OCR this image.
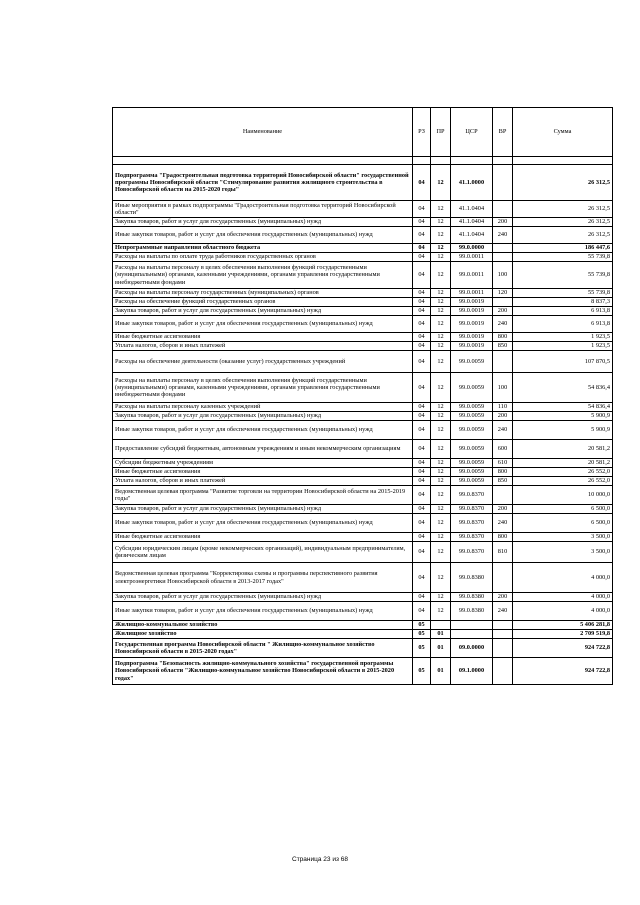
Наименование	РЗ	ПР	ЦСР	ВР	Сумма

Подпрограмма "Градостроительная подготовка территорий Новосибирской области" государственной программы Новосибирской области "Стимулирование развития жилищного строительства в Новосибирской области на 2015-2020 годы"	04	12	41.1.0000		26 312,5
Иные мероприятия в рамках подпрограммы "Градостроительная подготовка территорий Новосибирской области"	04	12	41.1.0404		26 312,5
Закупка товаров, работ и услуг для государственных (муниципальных) нужд	04	12	41.1.0404	200	26 312,5
Иные закупки товаров, работ и услуг для обеспечения государственных (муниципальных) нужд	04	12	41.1.0404	240	26 312,5
Непрограммные направления областного бюджета	04	12	99.0.0000		186 447,6
Расходы на выплаты по оплате труда работников государственных органов	04	12	99.0.0011		55 739,8
Расходы на выплаты персоналу в целях обеспечения выполнения функций государственными (муниципальными) органами, казенными учреждениями, органами управления государственными внебюджетными фондами	04	12	99.0.0011	100	55 739,8
Расходы на выплаты персоналу государственных (муниципальных) органов	04	12	99.0.0011	120	55 739,8
Расходы на обеспечение функций государственных органов	04	12	99.0.0019		8 837,3
Закупка товаров, работ и услуг для государственных (муниципальных) нужд	04	12	99.0.0019	200	6 913,8
Иные закупки товаров, работ и услуг для обеспечения государственных (муниципальных) нужд	04	12	99.0.0019	240	6 913,8
Иные бюджетные ассигнования	04	12	99.0.0019	800	1 923,5
Уплата налогов, сборов и иных платежей	04	12	99.0.0019	850	1 923,5
Расходы на обеспечение деятельности (оказание услуг) государственных учреждений	04	12	99.0.0059		107 870,5
Расходы на выплаты персоналу в целях обеспечения выполнения функций государственными (муниципальными) органами, казенными учреждениями, органами управления государственными внебюджетными фондами	04	12	99.0.0059	100	54 836,4
Расходы на выплаты персоналу казенных учреждений	04	12	99.0.0059	110	54 836,4
Закупка товаров, работ и услуг для государственных (муниципальных) нужд	04	12	99.0.0059	200	5 900,9
Иные закупки товаров, работ и услуг для обеспечения государственных (муниципальных) нужд	04	12	99.0.0059	240	5 900,9
Предоставление субсидий бюджетным, автономным учреждениям и иным некоммерческим организациям	04	12	99.0.0059	600	20 581,2
Субсидии бюджетным учреждениям	04	12	99.0.0059	610	20 581,2
Иные бюджетные ассигнования	04	12	99.0.0059	800	26 552,0
Уплата налогов, сборов и иных платежей	04	12	99.0.0059	850	26 552,0
Ведомственная целевая программа "Развитие торговли на территории Новосибирской области на 2015-2019 годы"	04	12	99.0.8370		10 000,0
Закупка товаров, работ и услуг для государственных (муниципальных) нужд	04	12	99.0.8370	200	6 500,0
Иные закупки товаров, работ и услуг для обеспечения государственных (муниципальных) нужд	04	12	99.0.8370	240	6 500,0
Иные бюджетные ассигнования	04	12	99.0.8370	800	3 500,0
Субсидии юридическим лицам (кроме некоммерческих организаций), индивидуальным предпринимателям, физическим лицам	04	12	99.0.8370	810	3 500,0
Ведомственная целевая программа "Корректировка схемы и программы перспективного развития электроэнергетики Новосибирской области в 2013-2017 годах"	04	12	99.0.8380		4 000,0
Закупка товаров, работ и услуг для государственных (муниципальных) нужд	04	12	99.0.8380	200	4 000,0
Иные закупки товаров, работ и услуг для обеспечения государственных (муниципальных) нужд	04	12	99.0.8380	240	4 000,0
Жилищно-коммунальное хозяйство	05				5 406 281,8
Жилищное хозяйство	05	01			2 709 519,8
Государственная программа Новосибирской области " Жилищно-коммунальное хозяйство Новосибирской области в 2015-2020 годах"	05	01	09.0.0000		924 722,8
Подпрограмма "Безопасность жилищно-коммунального хозяйства" государственной программы Новосибирской области "Жилищно-коммунальное хозяйство Новосибирской области в 2015-2020 годах"	05	01	09.1.0000		924 722,8
Страница 23 из 68
